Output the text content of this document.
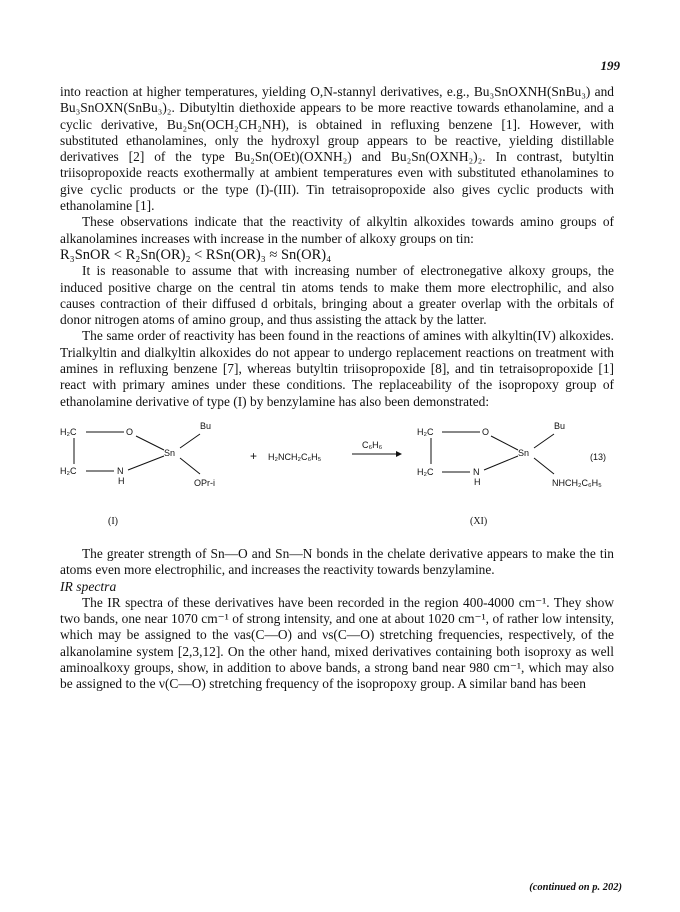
199

into reaction at higher temperatures, yielding O,N-stannyl derivatives, e.g., Bu₃SnOXNH(SnBu₃) and Bu₃SnOXN(SnBu₃)₂. Dibutyltin diethoxide appears to be more reactive towards ethanolamine, and a cyclic derivative, Bu₂Sn(OCH₂CH₂NH), is obtained in refluxing benzene [1]. However, with substituted ethanolamines, only the hydroxyl group appears to be reactive, yielding distillable derivatives [2] of the type Bu₂Sn(OEt)(OXNH₂) and Bu₂Sn(OXNH₂)₂. In contrast, butyltin triisopropoxide reacts exothermally at ambient temperatures even with substituted ethanolamines to give cyclic products or the type (I)-(III). Tin tetraisopropoxide also gives cyclic products with ethanolamine [1].

These observations indicate that the reactivity of alkyltin alkoxides towards amino groups of alkanolamines increases with increase in the number of alkoxy groups on tin:

R₃SnOR < R₂Sn(OR)₂ < RSn(OR)₃ ≈ Sn(OR)₄

It is reasonable to assume that with increasing number of electronegative alkoxy groups, the induced positive charge on the central tin atoms tends to make them more electrophilic, and also causes contraction of their diffused d orbitals, bringing about a greater overlap with the orbitals of donor nitrogen atoms of amino group, and thus assisting the attack by the latter.

The same order of reactivity has been found in the reactions of amines with alkyltin(IV) alkoxides. Trialkyltin and dialkyltin alkoxides do not appear to undergo replacement reactions on treatment with amines in refluxing benzene [7], whereas butyltin triisopropoxide [8], and tin tetraisopropoxide [1] react with primary amines under these conditions. The replaceability of the isopropoxy group of ethanolamine derivative of type (I) by benzylamine has also been demonstrated:

H₂C	O
Bu
Sn
H₂C	N
H	OPr-i
(I)
+ H₂NCH₂C₆H₅
C₆H₆
H₂C	O
Bu
Sn
H₂C	N
H	NHCH₂C₆H₅
(XI)
(13)

The greater strength of Sn—O and Sn—N bonds in the chelate derivative appears to make the tin atoms even more electrophilic, and increases the reactivity towards benzylamine.

IR spectra

The IR spectra of these derivatives have been recorded in the region 400-4000 cm⁻¹. They show two bands, one near 1070 cm⁻¹ of strong intensity, and one at about 1020 cm⁻¹, of rather low intensity, which may be assigned to the νas(C—O) and νs(C—O) stretching frequencies, respectively, of the alkanolamine system [2,3,12]. On the other hand, mixed derivatives containing both isoproxy as well aminoalkoxy groups, show, in addition to above bands, a strong band near 980 cm⁻¹, which may also be assigned to the ν(C—O) stretching frequency of the isopropoxy group. A similar band has been

(continued on p. 202)
